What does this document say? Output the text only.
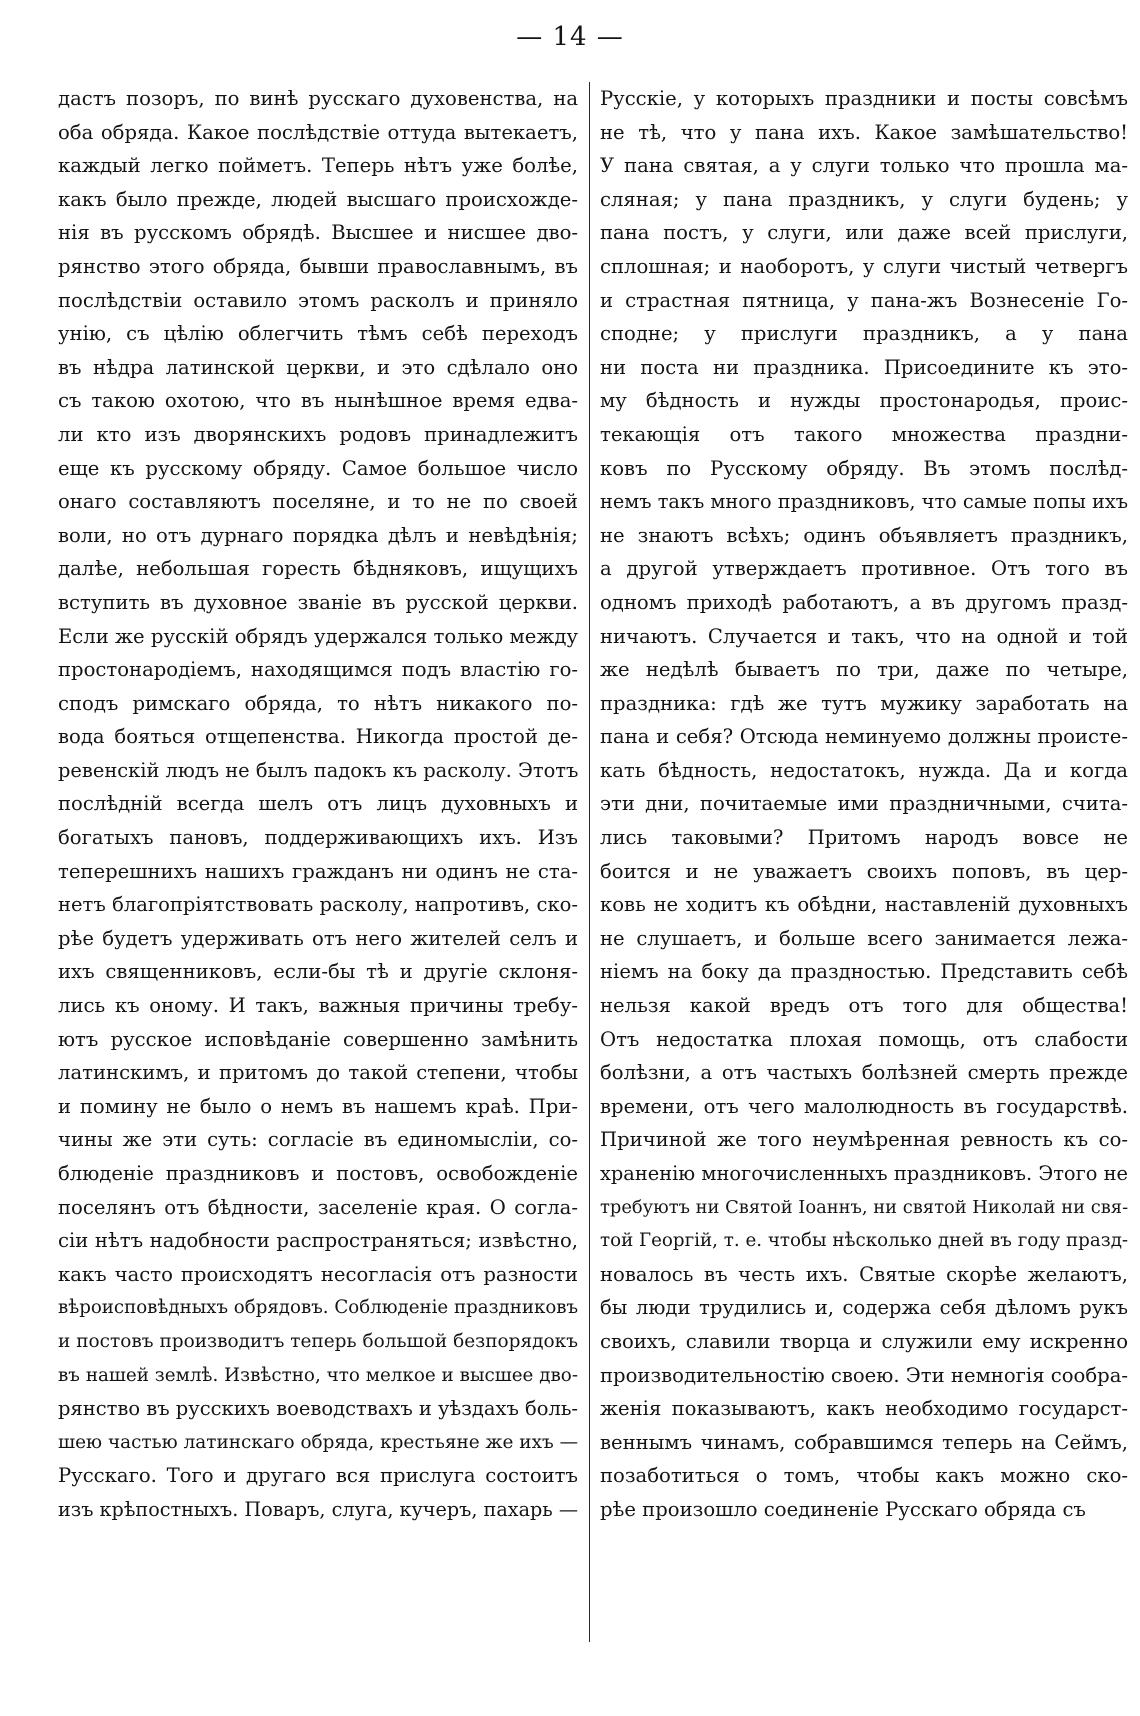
— 14 —
дастъ позоръ, по винѣ русскаго духовенства, на
оба обряда. Какое послѣдствіе оттуда вытекаетъ,
каждый легко пойметъ. Теперь нѣтъ уже болѣе,
какъ было прежде, людей высшаго происхожде-
нія въ русскомъ обрядѣ. Высшее и нисшее дво-
рянство этого обряда, бывши православнымъ, въ
послѣдствіи оставило этомъ расколъ и приняло
унію, съ цѣлію облегчить тѣмъ себѣ переходъ
въ нѣдра латинской церкви, и это сдѣлало оно
съ такою охотою, что въ нынѣшное время едва-
ли кто изъ дворянскихъ родовъ принадлежитъ
еще къ русскому обряду. Самое большое число
онаго составляютъ поселяне, и то не по своей
воли, но отъ дурнаго порядка дѣлъ и невѣдѣнія;
далѣе, небольшая горесть бѣдняковъ, ищущихъ
вступить въ духовное званіе въ русской церкви.
Если же русскій обрядъ удержался только между
простонародіемъ, находящимся подъ властію го-
сподъ римскаго обряда, то нѣтъ никакого по-
вода бояться отщепенства. Никогда простой де-
ревенскій людъ не былъ падокъ къ расколу. Этотъ
послѣдній всегда шелъ отъ лицъ духовныхъ и
богатыхъ пановъ, поддерживающихъ ихъ. Изъ
теперешнихъ нашихъ гражданъ ни одинъ не ста-
нетъ благопріятствовать расколу, напротивъ, ско-
рѣе будетъ удерживать отъ него жителей селъ и
ихъ священниковъ, если-бы тѣ и другіе склоня-
лись къ оному. И такъ, важныя причины требу-
ютъ русское исповѣданіе совершенно замѣнить
латинскимъ, и притомъ до такой степени, чтобы
и помину не было о немъ въ нашемъ краѣ. При-
чины же эти суть: согласіе въ единомысліи, со-
блюденіе праздниковъ и постовъ, освобожденіе
поселянъ отъ бѣдности, заселеніе края. О согла-
сіи нѣтъ надобности распространяться; извѣстно,
какъ часто происходятъ несогласія отъ разности
вѣроисповѣдныхъ обрядовъ. Соблюденіе праздниковъ
и постовъ производитъ теперь большой безпорядокъ
въ нашей землѣ. Извѣстно, что мелкое и высшее дво-
рянство въ русскихъ воеводствахъ и уѣздахъ боль-
шею частью латинскаго обряда, крестьяне же ихъ —
Русскаго. Того и другаго вся прислуга состоитъ
изъ крѣпостныхъ. Поваръ, слуга, кучеръ, пахарь —
Русскіе, у которыхъ праздники и посты совсѣмъ
не тѣ, что у пана ихъ. Какое замѣшательство!
У пана святая, а у слуги только что прошла ма-
сляная; у пана праздникъ, у слуги будень; у
пана постъ, у слуги, или даже всей прислуги,
сплошная; и наоборотъ, у слуги чистый четвергъ
и страстная пятница, у пана-жъ Вознесеніе Го-
сподне; у прислуги праздникъ, а у пана
ни поста ни праздника. Присоедините къ это-
му бѣдность и нужды простонародья, проис-
текающія отъ такого множества праздни-
ковъ по Русскому обряду. Въ этомъ послѣд-
немъ такъ много праздниковъ, что самые попы ихъ
не знаютъ всѣхъ; одинъ объявляетъ праздникъ,
а другой утверждаетъ противное. Отъ того въ
одномъ приходѣ работаютъ, а въ другомъ празд-
ничаютъ. Случается и такъ, что на одной и той
же недѣлѣ бываетъ по три, даже по четыре,
праздника: гдѣ же тутъ мужику заработать на
пана и себя? Отсюда неминуемо должны происте-
кать бѣдность, недостатокъ, нужда. Да и когда
эти дни, почитаемые ими праздничными, счита-
лись таковыми? Притомъ народъ вовсе не
боится и не уважаетъ своихъ поповъ, въ цер-
ковь не ходитъ къ обѣдни, наставленій духовныхъ
не слушаетъ, и больше всего занимается лежа-
ніемъ на боку да праздностью. Представить себѣ
нельзя какой вредъ отъ того для общества!
Отъ недостатка плохая помощь, отъ слабости
болѣзни, а отъ частыхъ болѣзней смерть прежде
времени, отъ чего малолюдность въ государствѣ.
Причиной же того неумѣренная ревность къ со-
храненію многочисленныхъ праздниковъ. Этого не
требуютъ ни Святой Іоаннъ, ни святой Николай ни свя-
той Георгій, т. е. чтобы нѣсколько дней въ году празд-
новалось въ честь ихъ. Святые скорѣе желаютъ,
бы люди трудились и, содержа себя дѣломъ рукъ
своихъ, славили творца и служили ему искренно
производительностію своею. Эти немногія сообра-
женія показываютъ, какъ необходимо государст-
веннымъ чинамъ, собравшимся теперь на Сеймъ,
позаботиться о томъ, чтобы какъ можно ско-
рѣе произошло соединеніе Русскаго обряда съ
